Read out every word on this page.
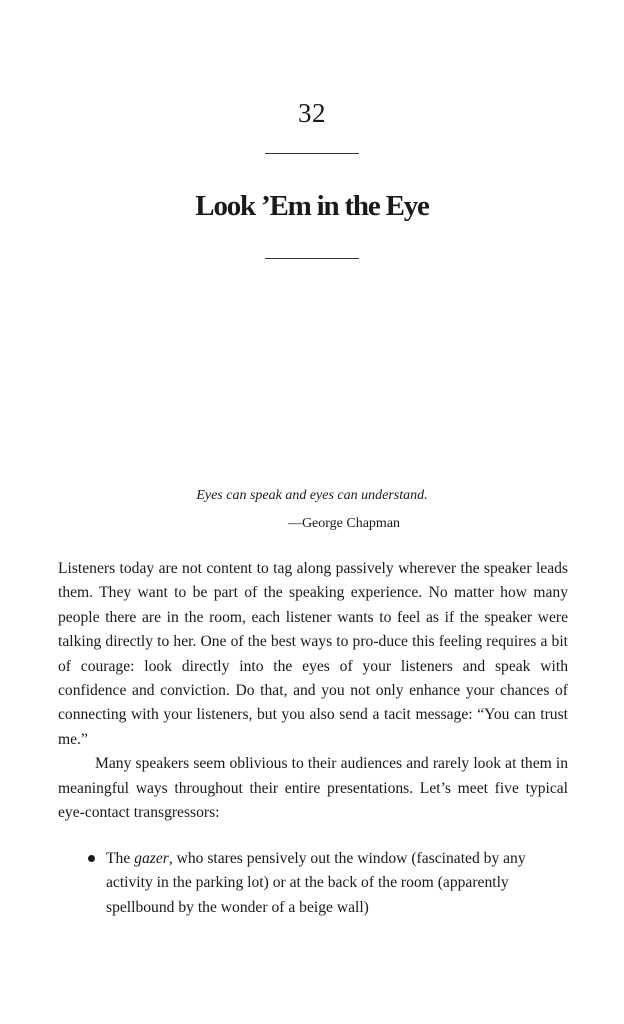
32
Look ’Em in the Eye

Eyes can speak and eyes can understand.

—George Chapman

Listeners today are not content to tag along passively wherever the speaker leads them. They want to be part of the speaking experience. No matter how many people there are in the room, each listener wants to feel as if the speaker were talking directly to her. One of the best ways to pro-duce this feeling requires a bit of courage: look directly into the eyes of your listeners and speak with confidence and conviction. Do that, and you not only enhance your chances of connecting with your listeners, but you also send a tacit message: “You can trust me.”

Many speakers seem oblivious to their audiences and rarely look at them in meaningful ways throughout their entire presentations. Let’s meet five typical eye-contact transgressors:

The gazer, who stares pensively out the window (fascinated by any activity in the parking lot) or at the back of the room (apparently spellbound by the wonder of a beige wall)
